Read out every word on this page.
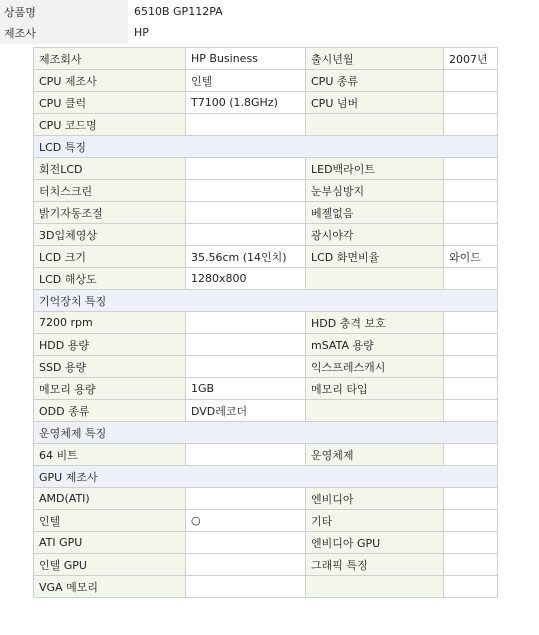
상품명	6510B GP112PA
제조사	HP
제조회사	HP Business	출시년월	2007년
CPU 제조사	인텔	CPU 종류	
CPU 클럭	T7100 (1.8GHz)	CPU 넘버	
CPU 코드명			
LCD 특징			
회전LCD		LED백라이트	
터치스크린		눈부심방지	
밝기자동조절		베젤없음	
3D입체영상		광시야각	
LCD 크기	35.56cm (14인치)	LCD 화면비율	와이드
LCD 해상도	1280x800		
기억장치 특징			
7200 rpm		HDD 충격 보호	
HDD 용량		mSATA 용량	
SSD 용량		익스프레스캐시	
메모리 용량	1GB	메모리 타입	
ODD 종류	DVD레코더		
운영체제 특징			
64 비트		운영체제	
GPU 제조사			
AMD(ATI)		엔비디아	
인텔	○	기타	
ATI GPU		엔비디아 GPU	
인텔 GPU		그래픽 특징	
VGA 메모리			
